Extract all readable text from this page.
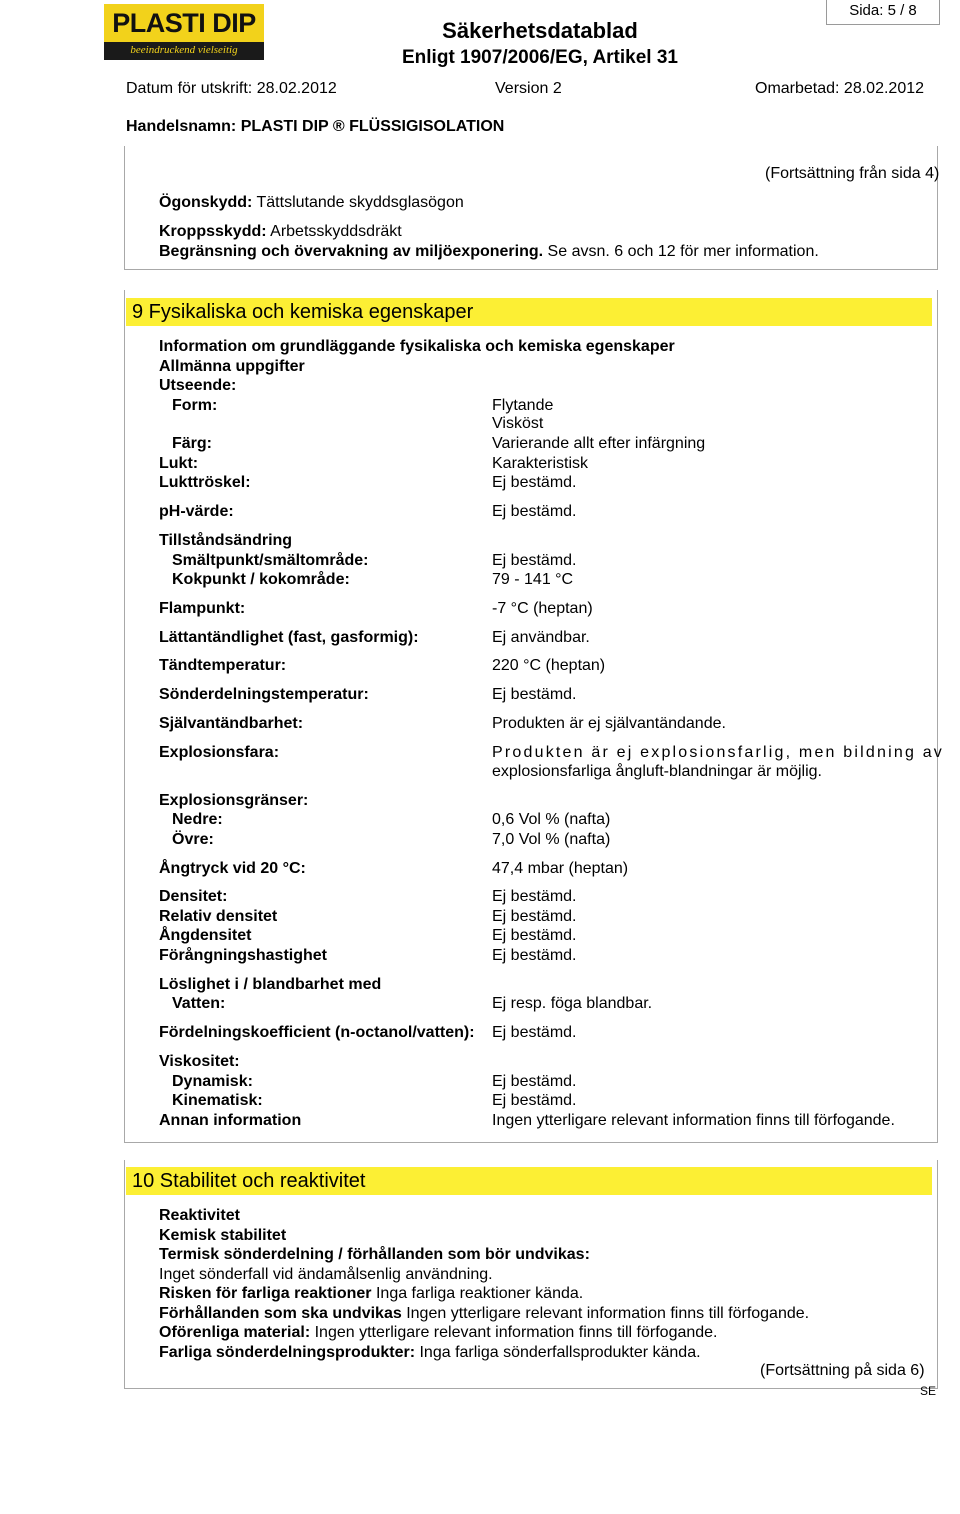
PLASTI DIP
beeindruckend vielseitig
Säkerhetsdatablad
Enligt 1907/2006/EG, Artikel 31
Sida: 5 / 8
Datum för utskrift: 28.02.2012	Version 2	Omarbetad: 28.02.2012
Handelsnamn: PLASTI DIP ® FLÜSSIGISOLATION
(Fortsättning från sida 4)
Ögonskydd: Tättslutande skyddsglasögon
Kroppsskydd: Arbetsskyddsdräkt
Begränsning och övervakning av miljöexponering. Se avsn. 6 och 12 för mer information.
9 Fysikaliska och kemiska egenskaper
Information om grundläggande fysikaliska och kemiska egenskaper
Allmänna uppgifter
Utseende:
Form:	Flytande
Visköst
Färg:	Varierande allt efter infärgning
Lukt:	Karakteristisk
Lukttröskel:	Ej bestämd.
pH-värde:	Ej bestämd.
Tillståndsändring
Smältpunkt/smältområde:	Ej bestämd.
Kokpunkt / kokområde:	79 - 141 °C
Flampunkt:	-7 °C (heptan)
Lättantändlighet (fast, gasformig):	Ej användbar.
Tändtemperatur:	220 °C (heptan)
Sönderdelningstemperatur:	Ej bestämd.
Självantändbarhet:	Produkten är ej självantändande.
Explosionsfara:	Produkten är ej explosionsfarlig, men bildning av
explosionsfarliga ångluft-blandningar är möjlig.
Explosionsgränser:
Nedre:	0,6 Vol % (nafta)
Övre:	7,0 Vol % (nafta)
Ångtryck vid 20 °C:	47,4 mbar (heptan)
Densitet:	Ej bestämd.
Relativ densitet	Ej bestämd.
Ångdensitet	Ej bestämd.
Förångningshastighet	Ej bestämd.
Löslighet i / blandbarhet med
Vatten:	Ej resp. föga blandbar.
Fördelningskoefficient (n-octanol/vatten): Ej bestämd.
Viskositet:
Dynamisk:	Ej bestämd.
Kinematisk:	Ej bestämd.
Annan information	Ingen ytterligare relevant information finns till förfogande.
10 Stabilitet och reaktivitet
Reaktivitet
Kemisk stabilitet
Termisk sönderdelning / förhållanden som bör undvikas:
Inget sönderfall vid ändamålsenlig användning.
Risken för farliga reaktioner Inga farliga reaktioner kända.
Förhållanden som ska undvikas Ingen ytterligare relevant information finns till förfogande.
Oförenliga material: Ingen ytterligare relevant information finns till förfogande.
Farliga sönderdelningsprodukter: Inga farliga sönderfallsprodukter kända.
(Fortsättning på sida 6)
SE
